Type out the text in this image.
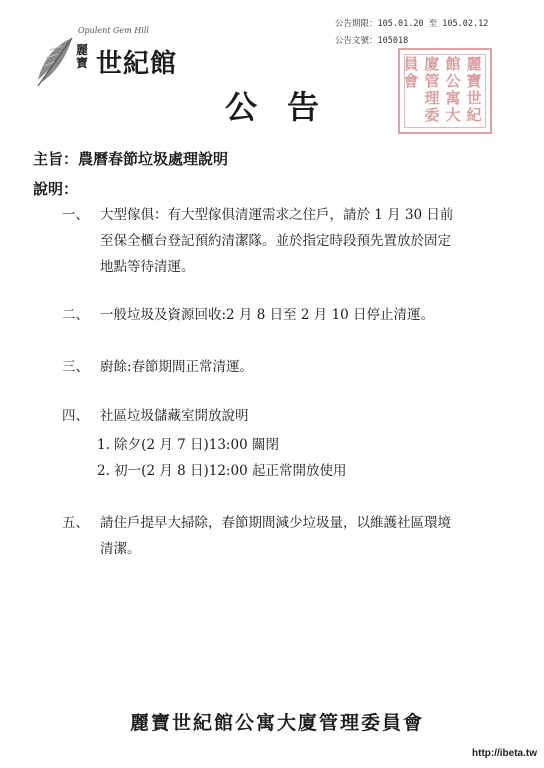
Opulent Gem Hill
麗寶 世紀館
公告期限：105.01.20 至 105.02.12
公告文號：105018
麗寶世紀
館公寓大
廈管理委
員會
公告
主旨：農曆春節垃圾處理說明
說明：
一、 大型傢俱：有大型傢俱清運需求之住戶，請於 1 月 30 日前
至保全櫃台登記預約清潔隊。並於指定時段預先置放於固定
地點等待清運。
二、 一般垃圾及資源回收:2 月 8 日至 2 月 10 日停止清運。
三、 廚餘:春節期間正常清運。
四、 社區垃圾儲藏室開放說明
1. 除夕(2 月 7 日)13:00 關閉
2. 初一(2 月 8 日)12:00 起正常開放使用
五、 請住戶提早大掃除，春節期間減少垃圾量，以維護社區環境
清潔。
麗寶世紀館公寓大廈管理委員會
http://ibeta.tw
